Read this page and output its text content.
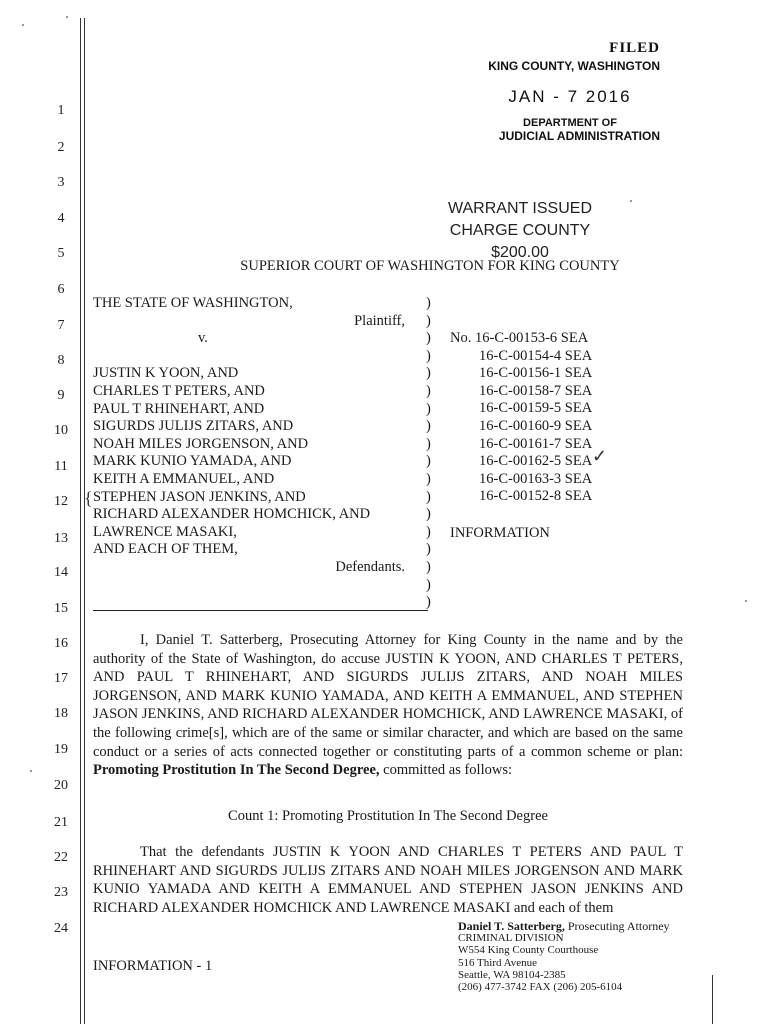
1
2
3
4
5
6
7
8
9
10
11
12
13
14
15
16
17
18
19
20
21
22
23
24
FILED
KING COUNTY, WASHINGTON
JAN - 7 2016
DEPARTMENT OF
JUDICIAL ADMINISTRATION
WARRANT ISSUED
CHARGE COUNTY $200.00
SUPERIOR COURT OF WASHINGTON FOR KING COUNTY
THE STATE OF WASHINGTON,
Plaintiff,
v.

JUSTIN K YOON, AND
CHARLES T PETERS, AND
PAUL T RHINEHART, AND
SIGURDS JULIJS ZITARS, AND
NOAH MILES JORGENSON, AND
MARK KUNIO YAMADA, AND
KEITH A EMMANUEL, AND
STEPHEN JASON JENKINS, AND
RICHARD ALEXANDER HOMCHICK, AND
LAWRENCE MASAKI,
AND EACH OF THEM,
Defendants.
)
)
)
)
)
)
)
)
)
)
)
)
)
)
)
)
)
)
No. 16-C-00153-6 SEA
16-C-00154-4 SEA
16-C-00156-1 SEA
16-C-00158-7 SEA
16-C-00159-5 SEA
16-C-00160-9 SEA
16-C-00161-7 SEA
16-C-00162-5 SEA
16-C-00163-3 SEA
16-C-00152-8 SEA
INFORMATION
✓
{
I, Daniel T. Satterberg, Prosecuting Attorney for King County in the name and by the authority of the State of Washington, do accuse JUSTIN K YOON, AND CHARLES T PETERS, AND PAUL T RHINEHART, AND SIGURDS JULIJS ZITARS, AND NOAH MILES JORGENSON, AND MARK KUNIO YAMADA, AND KEITH A EMMANUEL, AND STEPHEN JASON JENKINS, AND RICHARD ALEXANDER HOMCHICK, AND LAWRENCE MASAKI, of the following crime[s], which are of the same or similar character, and which are based on the same conduct or a series of acts connected together or constituting parts of a common scheme or plan: Promoting Prostitution In The Second Degree, committed as follows:
Count 1: Promoting Prostitution In The Second Degree
That the defendants JUSTIN K YOON AND CHARLES T PETERS AND PAUL T RHINEHART AND SIGURDS JULIJS ZITARS AND NOAH MILES JORGENSON AND MARK KUNIO YAMADA AND KEITH A EMMANUEL AND STEPHEN JASON JENKINS AND RICHARD ALEXANDER HOMCHICK AND LAWRENCE MASAKI and each of them
INFORMATION - 1
Daniel T. Satterberg, Prosecuting Attorney
CRIMINAL DIVISION
W554 King County Courthouse
516 Third Avenue
Seattle, WA 98104-2385
(206) 477-3742 FAX (206) 205-6104
